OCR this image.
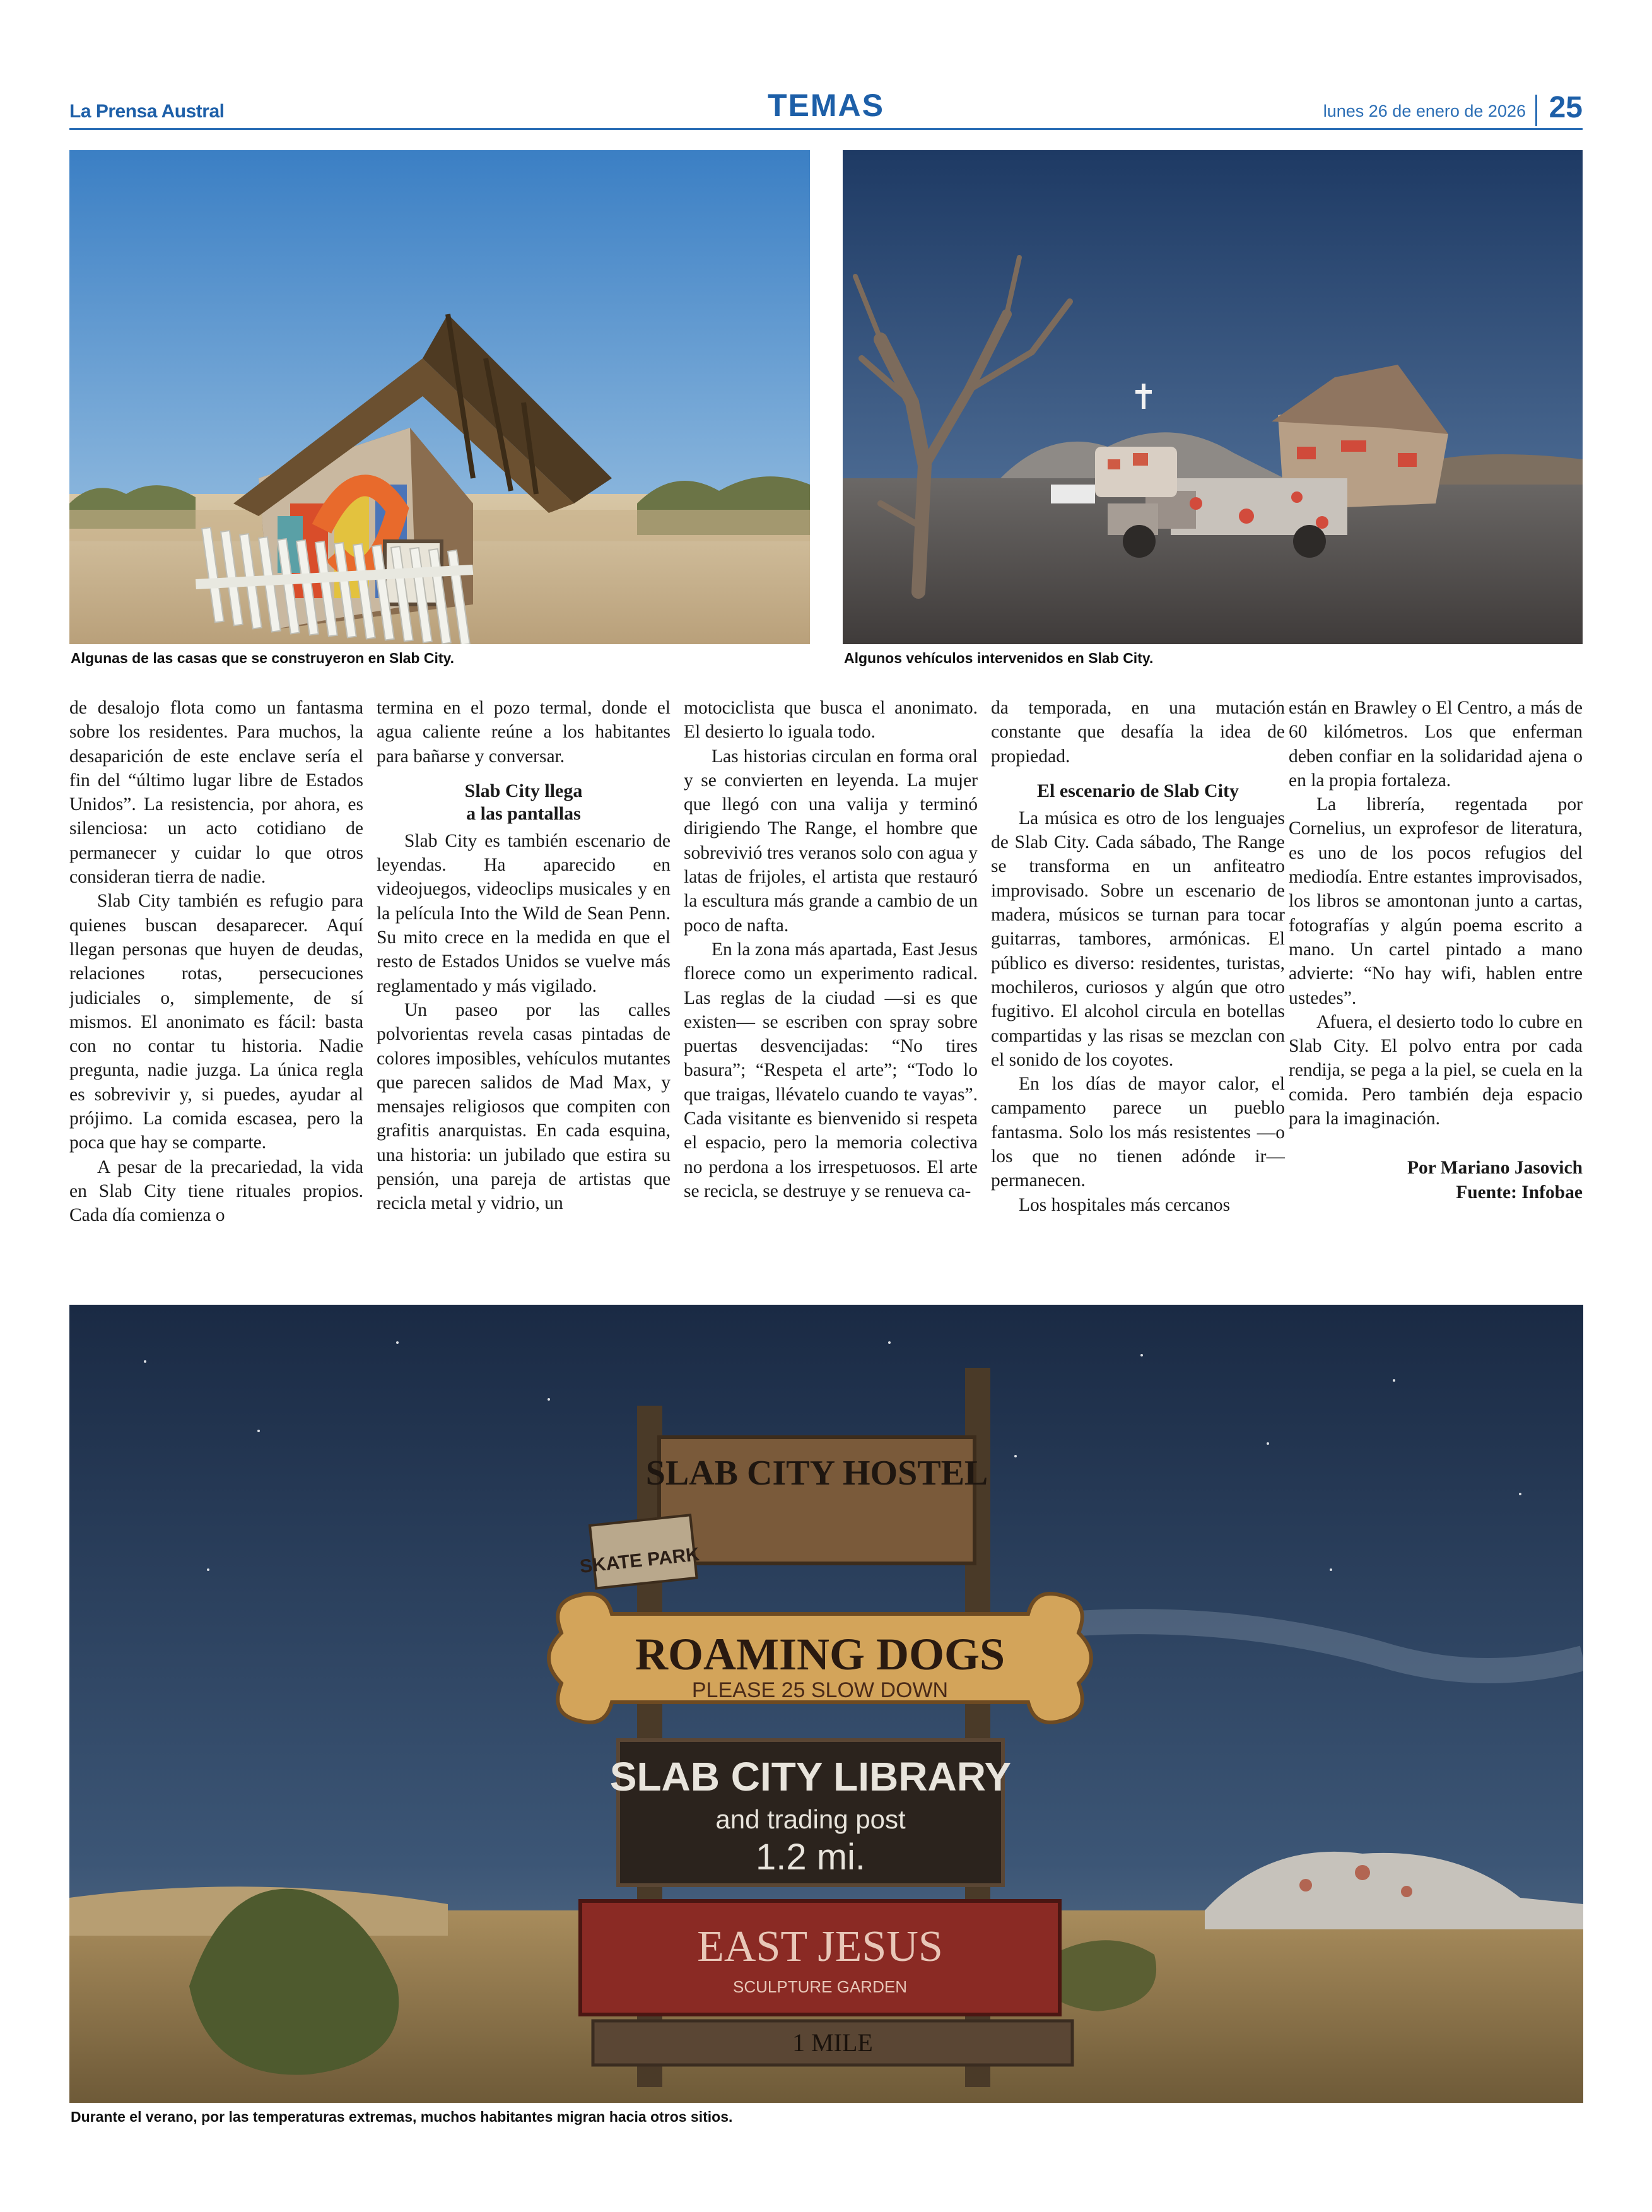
La Prensa Austral	TEMAS	lunes 26 de enero de 2026 25
Algunas de las casas que se construyeron en Slab City.	Algunos vehículos intervenidos en Slab City.

de desalojo flota como un fantasma sobre los residentes. Para muchos, la desaparición de este enclave sería el fin del “último lugar libre de Estados Unidos”. La resistencia, por ahora, es silenciosa: un acto cotidiano de permanecer y cuidar lo que otros consideran tierra de nadie.

Slab City también es refugio para quienes buscan desaparecer. Aquí llegan personas que huyen de deudas, relaciones rotas, persecuciones judiciales o, simplemente, de sí mismos. El anonimato es fácil: basta con no contar tu historia. Nadie pregunta, nadie juzga. La única regla es sobrevivir y, si puedes, ayudar al prójimo. La comida escasea, pero la poca que hay se comparte.

A pesar de la precariedad, la vida en Slab City tiene rituales propios. Cada día comienza o

termina en el pozo termal, donde el agua caliente reúne a los habitantes para bañarse y conversar.

Slab City llega
a las pantallas

Slab City es también escenario de leyendas. Ha aparecido en videojuegos, videoclips musicales y en la película Into the Wild de Sean Penn. Su mito crece en la medida en que el resto de Estados Unidos se vuelve más reglamentado y más vigilado.

Un paseo por las calles polvorientas revela casas pintadas de colores imposibles, vehículos mutantes que parecen salidos de Mad Max, y mensajes religiosos que compiten con grafitis anarquistas. En cada esquina, una historia: un jubilado que estira su pensión, una pareja de artistas que recicla metal y vidrio, un

motociclista que busca el anonimato. El desierto lo iguala todo.

Las historias circulan en forma oral y se convierten en leyenda. La mujer que llegó con una valija y terminó dirigiendo The Range, el hombre que sobrevivió tres veranos solo con agua y latas de frijoles, el artista que restauró la escultura más grande a cambio de un poco de nafta.

En la zona más apartada, East Jesus florece como un experimento radical. Las reglas de la ciudad —si es que existen— se escriben con spray sobre puertas desvencijadas: “No tires basura”; “Respeta el arte”; “Todo lo que traigas, llévatelo cuando te vayas”. Cada visitante es bienvenido si respeta el espacio, pero la memoria colectiva no perdona a los irrespetuosos. El arte se recicla, se destruye y se renueva ca-

da temporada, en una mutación constante que desafía la idea de propiedad.

El escenario de Slab City

La música es otro de los lenguajes de Slab City. Cada sábado, The Range se transforma en un anfiteatro improvisado. Sobre un escenario de madera, músicos se turnan para tocar guitarras, tambores, armónicas. El público es diverso: residentes, turistas, mochileros, curiosos y algún que otro fugitivo. El alcohol circula en botellas compartidas y las risas se mezclan con el sonido de los coyotes.

En los días de mayor calor, el campamento parece un pueblo fantasma. Solo los más resistentes —o los que no tienen adónde ir— permanecen.

Los hospitales más cercanos

están en Brawley o El Centro, a más de 60 kilómetros. Los que enferman deben confiar en la solidaridad ajena o en la propia fortaleza.

La librería, regentada por Cornelius, un exprofesor de literatura, es uno de los pocos refugios del mediodía. Entre estantes improvisados, los libros se amontonan junto a cartas, fotografías y algún poema escrito a mano. Un cartel pintado a mano advierte: “No hay wifi, hablen entre ustedes”.

Afuera, el desierto todo lo cubre en Slab City. El polvo entra por cada rendija, se pega a la piel, se cuela en la comida. Pero también deja espacio para la imaginación.

Por Mariano Jasovich
Fuente: Infobae
SLAB CITY HOSTEL
SKATE PARK
ROAMING DOGS
PLEASE 25 SLOW DOWN
SLAB CITY LIBRARY
and trading post
1.2 mi.
EAST JESUS
SCULPTURE GARDEN
1 MILE
Durante el verano, por las temperaturas extremas, muchos habitantes migran hacia otros sitios.
